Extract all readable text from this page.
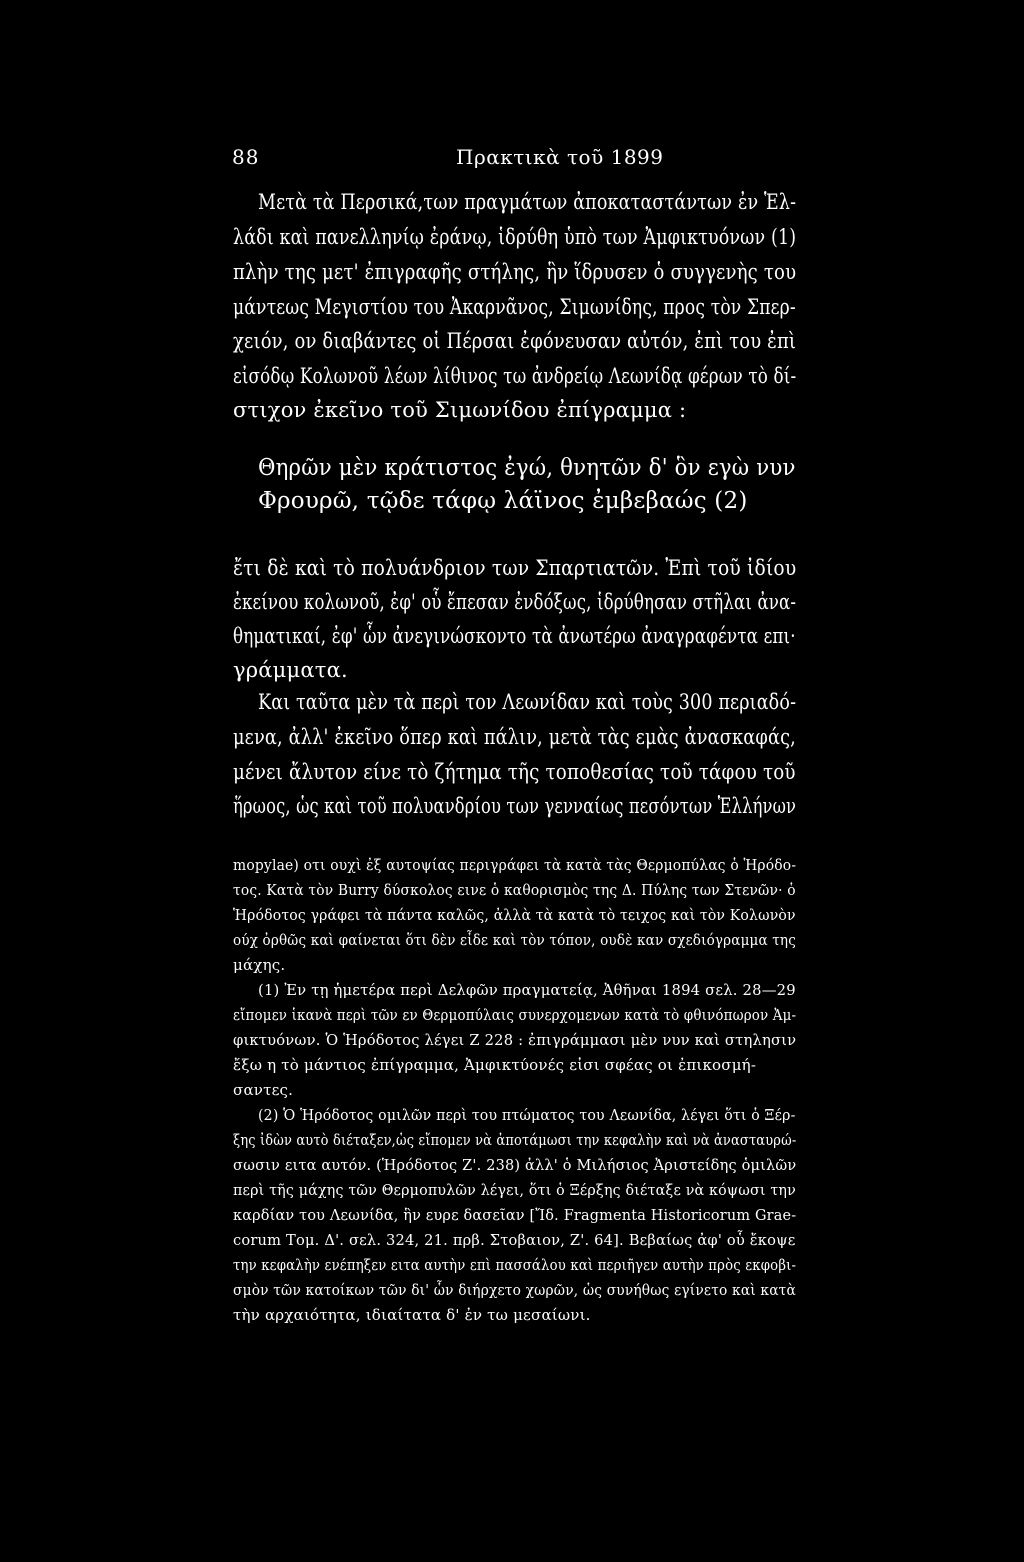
88	Πρακτικὰ τοῦ 1899
Μετὰ τὰ Περσικά,των πραγμάτων ἀποκαταστάντων ἐν Ἑλ-
λάδι καὶ πανελληνίῳ ἐράνῳ, ἱδρύθη ὑπὸ των Ἀμφικτυόνων (1)
πλὴν της μετ' ἐπιγραφῆς στήλης, ἣν ἵδρυσεν ὁ συγγενὴς του
μάντεως Μεγιστίου του Ἀκαρνᾶνος, Σιμωνίδης, προς τὸν Σπερ-
χειόν, ον διαβάντες οἱ Πέρσαι ἐφόνευσαν αὐτόν, ἐπὶ του ἐπὶ
εἰσόδῳ Κολωνοῦ λέων λίθινος τω ἀνδρείῳ Λεωνίδᾳ φέρων τὸ δί-
στιχον ἐκεῖνο τοῦ Σιμωνίδου ἐπίγραμμα :
Θηρῶν μὲν κράτιστος ἐγώ, θνητῶν δ' ὃν εγὼ νυν
Φρουρῶ, τῷδε τάφῳ λάϊνος ἐμβεβαώς (2)
ἔτι δὲ καὶ τὸ πολυάνδριον των Σπαρτιατῶν. Ἐπὶ τοῦ ἰδίου
ἐκείνου κολωνοῦ, ἐφ' οὗ ἔπεσαν ἐνδόξως, ἱδρύθησαν στῆλαι ἀνα-
θηματικαί, ἐφ' ὧν ἀνεγινώσκοντο τὰ ἀνωτέρω ἀναγραφέντα επι·
γράμματα.
Και ταῦτα μὲν τὰ περὶ τον Λεωνίδαν καὶ τοὺς 300 περιαδό-
μενα, ἀλλ' ἐκεῖνο ὅπερ καὶ πάλιν, μετὰ τὰς εμὰς ἀνασκαφάς,
μένει ἄλυτον είνε τὸ ζήτημα τῆς τοποθεσίας τοῦ τάφου τοῦ
ἥρωος, ὡς καὶ τοῦ πολυανδρίου των γενναίως πεσόντων Ἑλλήνων
mopylae) οτι ουχὶ ἐξ αυτοψίας περιγράφει τὰ κατὰ τὰς Θερμοπύλας ὁ Ἡρόδο-
τος. Κατὰ τὸν Burry δύσκολος εινε ὁ καθορισμὸς της Δ. Πύλης των Στενῶν· ὁ
Ἡρόδοτος γράφει τὰ πάντα καλῶς, ἀλλὰ τὰ κατὰ τὸ τειχος καὶ τὸν Κολωνὸν
ούχ ὀρθῶς καὶ φαίνεται ὅτι δὲν εἶδε καὶ τὸν τόπον, ουδὲ καν σχεδιόγραμμα της
μάχης.
(1) Ἐν τῃ ἡμετέρα περὶ Δελφῶν πραγματείᾳ, Ἀθῆναι 1894 σελ. 28—29
εἴπομεν ἱκανὰ περὶ τῶν εν Θερμοπύλαις συνερχομενων κατὰ τὸ φθινόπωρον Ἀμ-
φικτυόνων. Ὁ Ἡρόδοτος λέγει Ζ 228 : ἐπιγράμμασι μὲν νυν καὶ στηλησιν
ἔξω η τὸ μάντιος ἐπίγραμμα, Ἀμφικτύονές εἰσι σφέας οι ἐπικοσμή-
σαντες.
(2) Ὁ Ἡρόδοτος ομιλῶν περὶ του πτώματος του Λεωνίδα, λέγει ὅτι ὁ Ξέρ-
ξης ἰδὼν αυτὸ διέταξεν,ὡς εἴπομεν νὰ ἀποτάμωσι την κεφαλὴν καὶ νὰ ἀνασταυρώ-
σωσιν ειτα αυτόν. (Ἡρόδοτος Ζ'. 238) ἀλλ' ὁ Μιλήσιος Ἀριστείδης ὁμιλῶν
περὶ τῆς μάχης τῶν Θερμοπυλῶν λέγει, ὅτι ὁ Ξέρξης διέταξε νὰ κόψωσι την
καρδίαν του Λεωνίδα, ἣν ευρε δασεῖαν [Ἴδ. Fragmenta Historicorum Grae-
corum Τομ. Δ'. σελ. 324, 21. πρβ. Στοβαιον, Ζ'. 64]. Βεβαίως ἀφ' οὗ ἔκοψε
την κεφαλὴν ενέπηξεν ειτα αυτὴν επὶ πασσάλου καὶ περιῆγεν αυτὴν πρὸς εκφοβι-
σμὸν τῶν κατοίκων τῶν δι' ὧν διήρχετο χωρῶν, ὡς συνήθως εγίνετο καὶ κατὰ
τὴν αρχαιότητα, ιδιαίτατα δ' ἐν τω μεσαίωνι.
